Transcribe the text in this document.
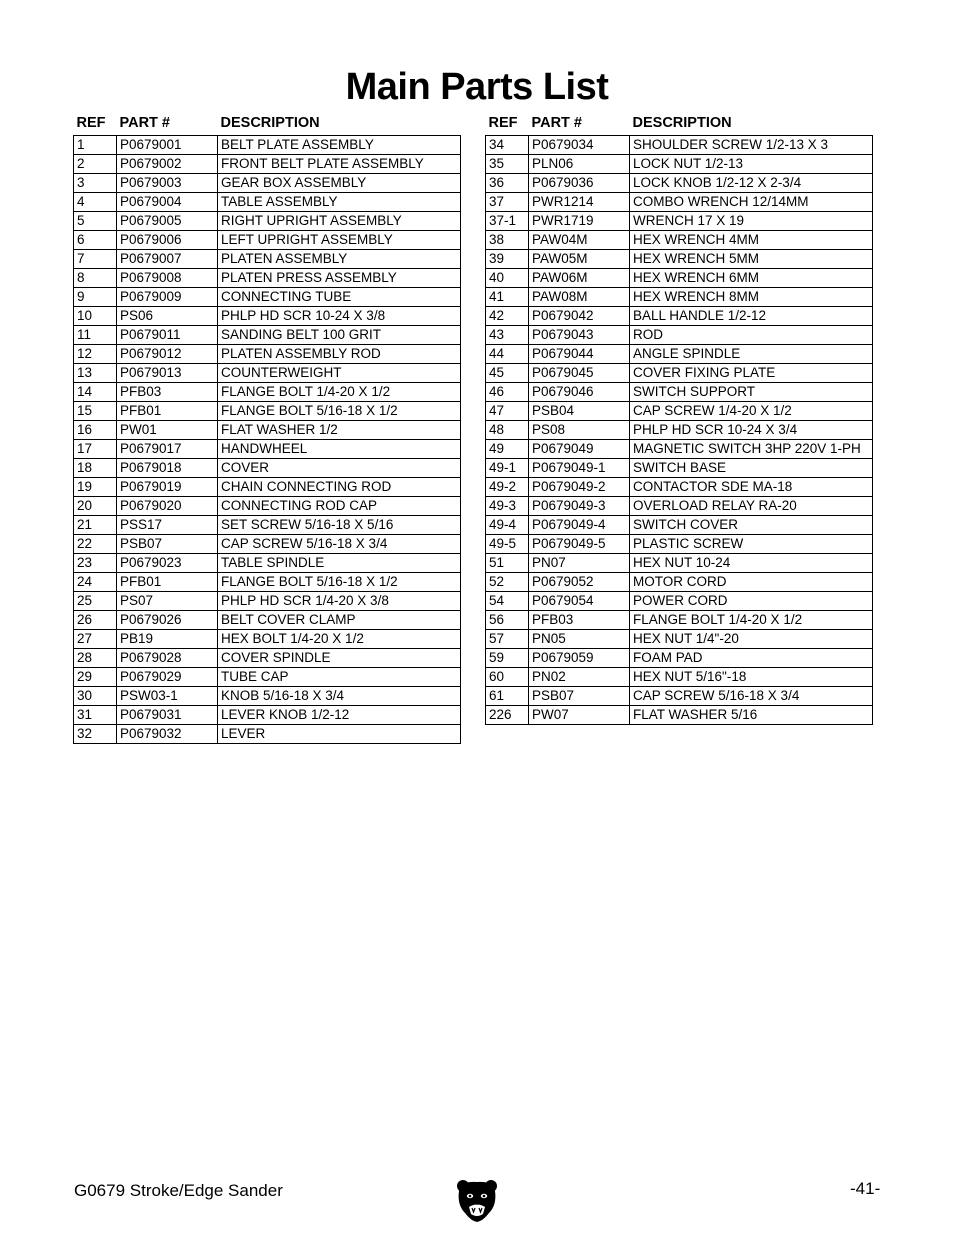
Main Parts List
REF	PART #	DESCRIPTION
1	P0679001	BELT PLATE ASSEMBLY
2	P0679002	FRONT BELT PLATE ASSEMBLY
3	P0679003	GEAR BOX ASSEMBLY
4	P0679004	TABLE ASSEMBLY
5	P0679005	RIGHT UPRIGHT ASSEMBLY
6	P0679006	LEFT UPRIGHT ASSEMBLY
7	P0679007	PLATEN ASSEMBLY
8	P0679008	PLATEN PRESS ASSEMBLY
9	P0679009	CONNECTING TUBE
10	PS06	PHLP HD SCR 10-24 X 3/8
11	P0679011	SANDING BELT 100 GRIT
12	P0679012	PLATEN ASSEMBLY ROD
13	P0679013	COUNTERWEIGHT
14	PFB03	FLANGE BOLT 1/4-20 X 1/2
15	PFB01	FLANGE BOLT 5/16-18 X 1/2
16	PW01	FLAT WASHER 1/2
17	P0679017	HANDWHEEL
18	P0679018	COVER
19	P0679019	CHAIN CONNECTING ROD
20	P0679020	CONNECTING ROD CAP
21	PSS17	SET SCREW 5/16-18 X 5/16
22	PSB07	CAP SCREW 5/16-18 X 3/4
23	P0679023	TABLE SPINDLE
24	PFB01	FLANGE BOLT 5/16-18 X 1/2
25	PS07	PHLP HD SCR 1/4-20 X 3/8
26	P0679026	BELT COVER CLAMP
27	PB19	HEX BOLT 1/4-20 X 1/2
28	P0679028	COVER SPINDLE
29	P0679029	TUBE CAP
30	PSW03-1	KNOB 5/16-18 X 3/4
31	P0679031	LEVER KNOB 1/2-12
32	P0679032	LEVER
REF	PART #	DESCRIPTION
34	P0679034	SHOULDER SCREW 1/2-13 X 3
35	PLN06	LOCK NUT 1/2-13
36	P0679036	LOCK KNOB 1/2-12 X 2-3/4
37	PWR1214	COMBO WRENCH 12/14MM
37-1	PWR1719	WRENCH 17 X 19
38	PAW04M	HEX WRENCH 4MM
39	PAW05M	HEX WRENCH 5MM
40	PAW06M	HEX WRENCH 6MM
41	PAW08M	HEX WRENCH 8MM
42	P0679042	BALL HANDLE 1/2-12
43	P0679043	ROD
44	P0679044	ANGLE SPINDLE
45	P0679045	COVER FIXING PLATE
46	P0679046	SWITCH SUPPORT
47	PSB04	CAP SCREW 1/4-20 X 1/2
48	PS08	PHLP HD SCR 10-24 X 3/4
49	P0679049	MAGNETIC SWITCH 3HP 220V 1-PH
49-1	P0679049-1	SWITCH BASE
49-2	P0679049-2	CONTACTOR SDE MA-18
49-3	P0679049-3	OVERLOAD RELAY RA-20
49-4	P0679049-4	SWITCH COVER
49-5	P0679049-5	PLASTIC SCREW
51	PN07	HEX NUT 10-24
52	P0679052	MOTOR CORD
54	P0679054	POWER CORD
56	PFB03	FLANGE BOLT 1/4-20 X 1/2
57	PN05	HEX NUT 1/4"-20
59	P0679059	FOAM PAD
60	PN02	HEX NUT 5/16"-18
61	PSB07	CAP SCREW 5/16-18 X 3/4
226	PW07	FLAT WASHER 5/16
G0679 Stroke/Edge Sander	-41-
